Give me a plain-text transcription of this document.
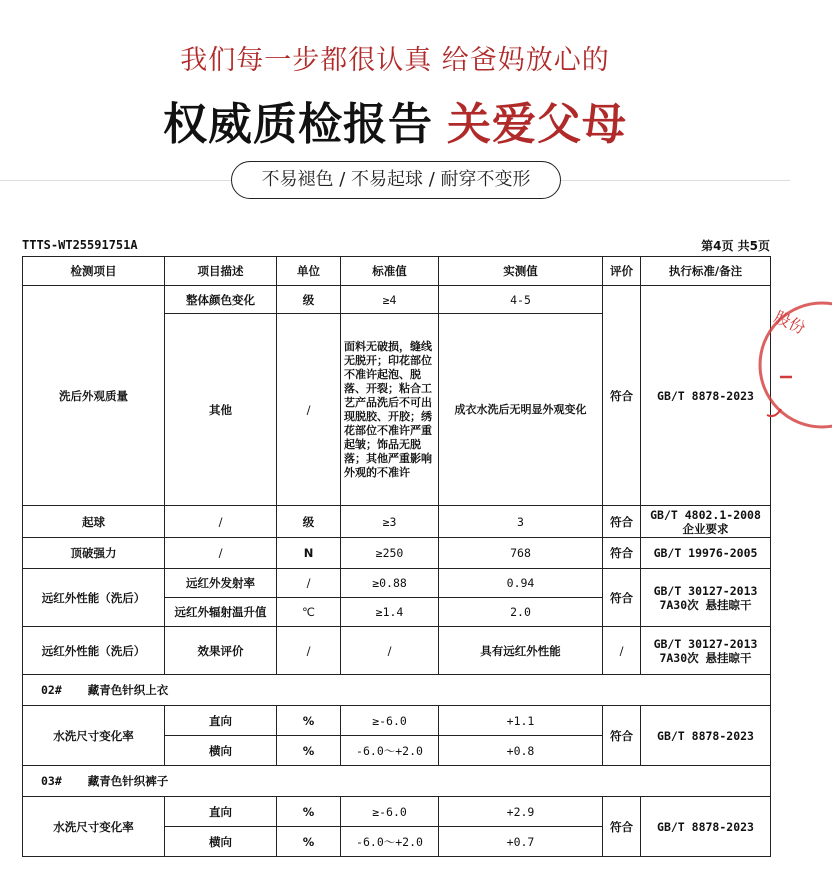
我们每一步都很认真 给爸妈放心的
权威质检报告 关爱父母
不易褪色 / 不易起球 / 耐穿不变形
TTTS-WT25591751A	第4页 共5页
检测项目	项目描述	单位	标准值	实测值	评价	执行标准/备注
洗后外观质量	整体颜色变化	级	≥4	4-5	符合	GB/T 8878-2023
	其他	/	面料无破损，缝线无脱开；印花部位不准许起泡、脱落、开裂；粘合工艺产品洗后不可出现脱胶、开胶；绣花部位不准许严重起皱；饰品无脱落；其他严重影响外观的不准许	成衣水洗后无明显外观变化		
起球	/	级	≥3	3	符合	GB/T 4802.1-2008 企业要求
顶破强力	/	N	≥250	768	符合	GB/T 19976-2005
远红外性能（洗后）	远红外发射率	/	≥0.88	0.94	符合	GB/T 30127-2013 7A30次 悬挂晾干
	远红外辐射温升值	℃	≥1.4	2.0		
远红外性能（洗后）	效果评价	/	/	具有远红外性能	/	GB/T 30127-2013 7A30次 悬挂晾干
02# 藏青色针织上衣						
水洗尺寸变化率	直向	%	≥-6.0	+1.1	符合	GB/T 8878-2023
	横向	%	-6.0～+2.0	+0.8		
03# 藏青色针织裤子						
水洗尺寸变化率	直向	%	≥-6.0	+2.9	符合	GB/T 8878-2023
	横向	%	-6.0～+2.0	+0.7		
股份
